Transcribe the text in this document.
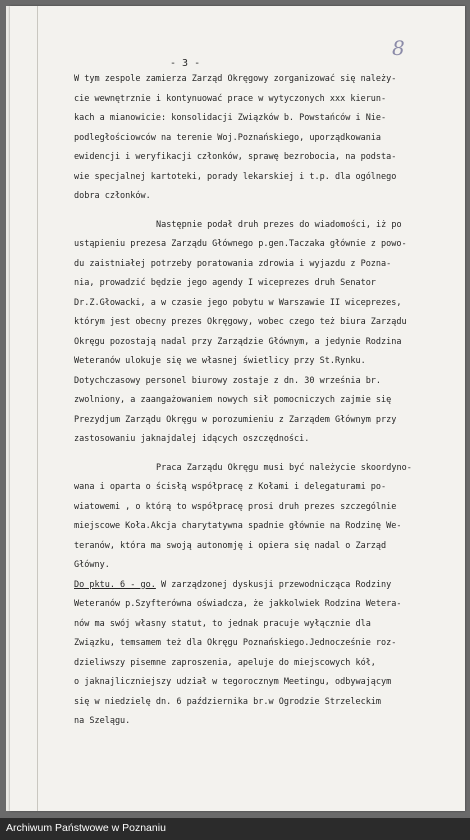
- 3 -
8
W tym zespole zamierza Zarząd Okręgowy zorganizować się należy-
cie wewnętrznie i kontynuować prace w wytyczonych xxx kierun-
kach a mianowicie: konsolidacji Związków b. Powstańców i Nie-
podległościowców na terenie Woj.Poznańskiego, uporządkowania
ewidencji i weryfikacji członków, sprawę bezrobocia, na podsta-
wie specjalnej kartoteki, porady lekarskiej i t.p. dla ogólnego
dobra członków.
Następnie podał druh prezes do wiadomości, iż po
ustąpieniu prezesa Zarządu Głównego p.gen.Taczaka głównie z powo-
du zaistniałej potrzeby poratowania zdrowia i wyjazdu z Pozna-
nia, prowadzić będzie jego agendy I wiceprezes druh Senator
Dr.Z.Głowacki, a w czasie jego pobytu w Warszawie II wiceprezes,
którym jest obecny prezes Okręgowy, wobec czego też biura Zarządu
Okręgu pozostają nadal przy Zarządzie Głównym, a jedynie Rodzina
Weteranów ulokuje się we własnej świetlicy przy St.Rynku.
Dotychczasowy personel biurowy zostaje z dn. 30 września br.
zwolniony, a zaangażowaniem nowych sił pomocniczych zajmie się
Prezydjum Zarządu Okręgu w porozumieniu z Zarządem Głównym przy
zastosowaniu jaknajdalej idących oszczędności.
Praca Zarządu Okręgu musi być należycie skoordyno-
wana i oparta o ścisłą współpracę z Kołami i delegaturami po-
wiatowemi , o którą to współpracę prosi druh prezes szczególnie
miejscowe Koła.Akcja charytatywna spadnie głównie na Rodzinę We-
teranów, która ma swoją autonomję i opiera się nadal o Zarząd
Główny.
Do pktu. 6 - go. W zarządzonej dyskusji przewodnicząca Rodziny
Weteranów p.Szyfterówna oświadcza, że jakkolwiek Rodzina Weterа-
nów ma swój własny statut, to jednak pracuje wyłącznie dla
Związku, temsamem też dla Okręgu Poznańskiego.Jednocześnie roz-
dzieliwszy pisemne zaproszenia, apeluje do miejscowych kół,
o jaknajliczniejszy udział w tegorocznym Meetingu, odbywającym
się w niedzielę dn. 6 października br.w Ogrodzie Strzeleckim
na Szelągu.
Archiwum Państwowe w Poznaniu
